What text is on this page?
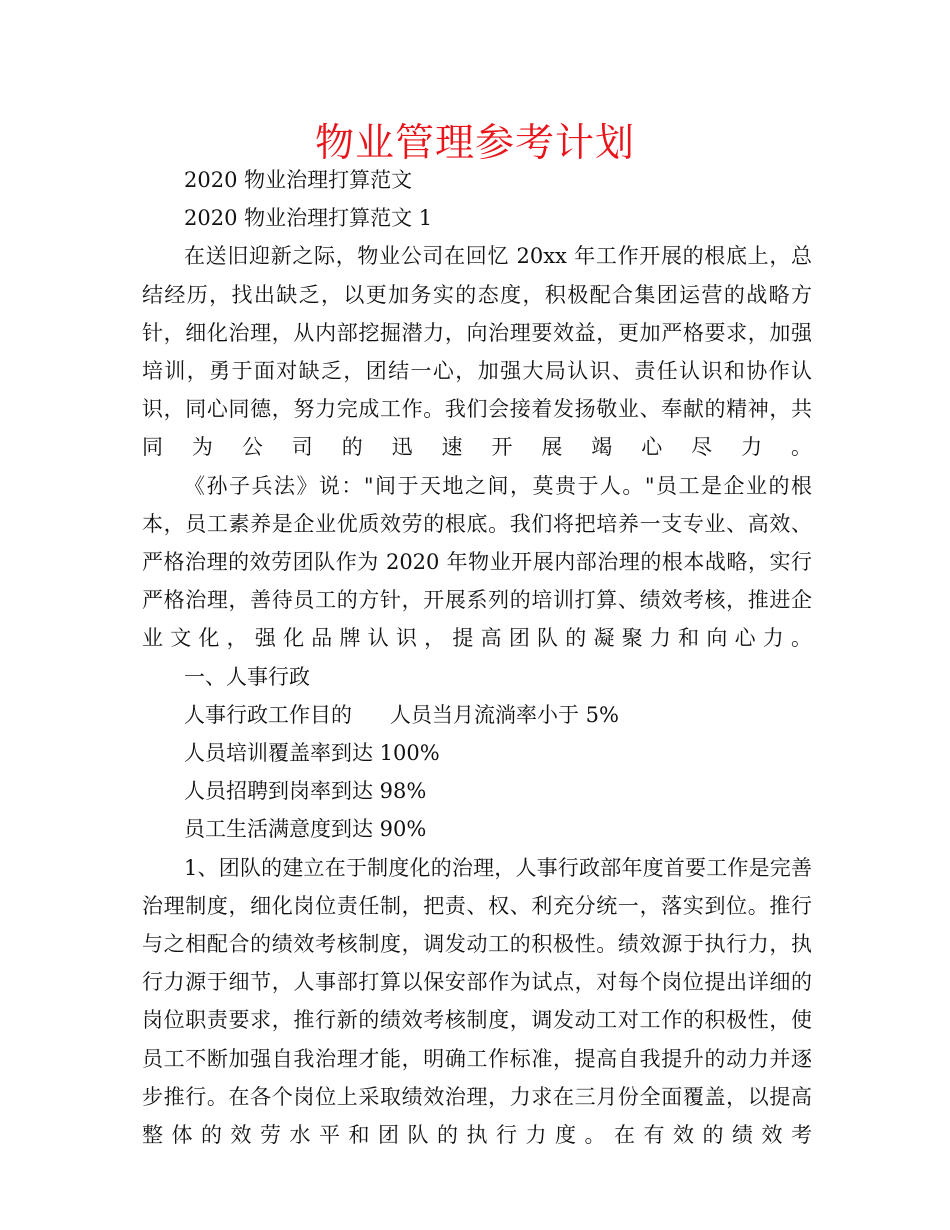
物业管理参考计划

2020 物业治理打算范文

2020 物业治理打算范文 1

在送旧迎新之际，物业公司在回忆 20xx 年工作开展的根底上，总结经历，找出缺乏，以更加务实的态度，积极配合集团运营的战略方针，细化治理，从内部挖掘潜力，向治理要效益，更加严格要求，加强培训，勇于面对缺乏，团结一心，加强大局认识、责任认识和协作认识，同心同德，努力完成工作。我们会接着发扬敬业、奉献的精神，共同为公司的迅速开展竭心尽力。

《孙子兵法》说："间于天地之间，莫贵于人。"员工是企业的根本，员工素养是企业优质效劳的根底。我们将把培养一支专业、高效、严格治理的效劳团队作为 2020 年物业开展内部治理的根本战略，实行严格治理，善待员工的方针，开展系列的培训打算、绩效考核，推进企业文化，强化品牌认识，提高团队的凝聚力和向心力。

一、人事行政

人事行政工作目的 人员当月流淌率小于 5%

人员培训覆盖率到达 100%

人员招聘到岗率到达 98%

员工生活满意度到达 90%

1、团队的建立在于制度化的治理，人事行政部年度首要工作是完善治理制度，细化岗位责任制，把责、权、利充分统一，落实到位。推行与之相配合的绩效考核制度，调发动工的积极性。绩效源于执行力，执行力源于细节，人事部打算以保安部作为试点，对每个岗位提出详细的岗位职责要求，推行新的绩效考核制度，调发动工对工作的积极性，使员工不断加强自我治理才能，明确工作标准，提高自我提升的动力并逐步推行。在各个岗位上采取绩效治理，力求在三月份全面覆盖，以提高整体的效劳水平和团队的执行力度。在有效的绩效考
